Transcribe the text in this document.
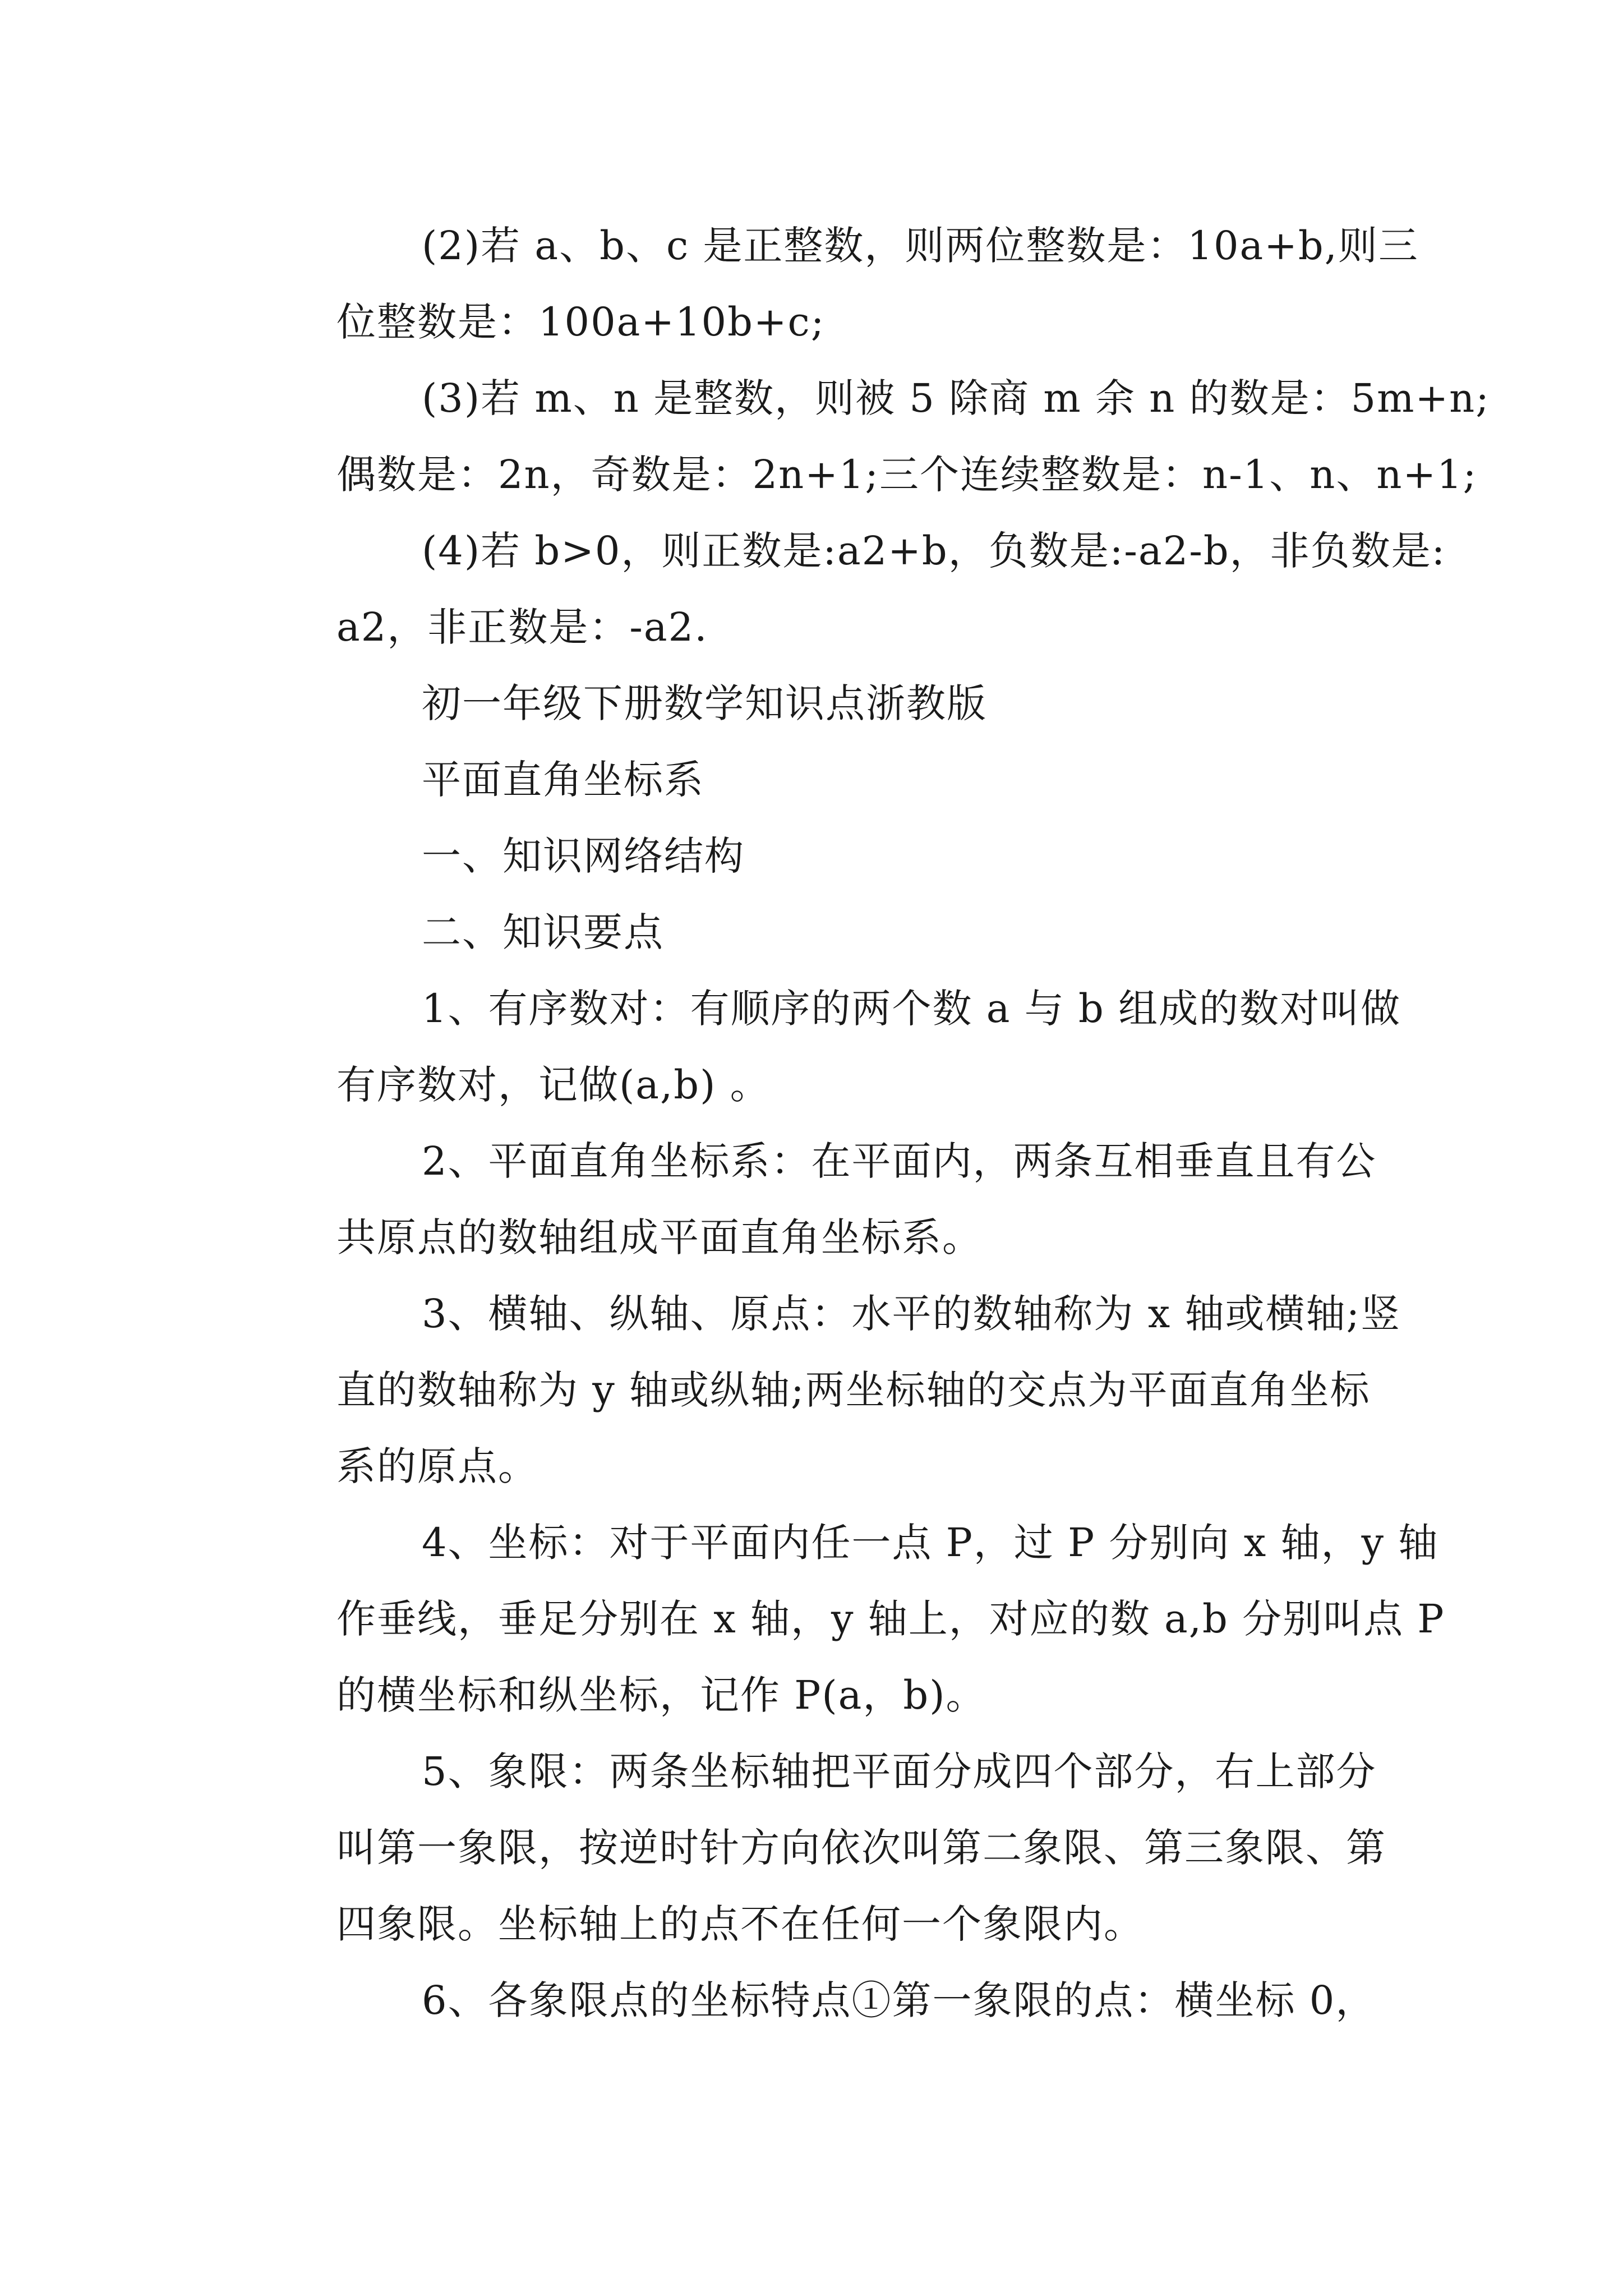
(2)若 a、b、c 是正整数，则两位整数是：10a+b,则三
位整数是：100a+10b+c;
(3)若 m、n 是整数，则被 5 除商 m 余 n 的数是：5m+n;
偶数是：2n，奇数是：2n+1;三个连续整数是：n-1、n、n+1;
(4)若 b>0，则正数是:a2+b，负数是:-a2-b，非负数是:
a2，非正数是：-a2.
初一年级下册数学知识点浙教版
平面直角坐标系
一、知识网络结构
二、知识要点
1、有序数对：有顺序的两个数 a 与 b 组成的数对叫做
有序数对，记做(a,b) 。
2、平面直角坐标系：在平面内，两条互相垂直且有公
共原点的数轴组成平面直角坐标系。
3、横轴、纵轴、原点：水平的数轴称为 x 轴或横轴;竖
直的数轴称为 y 轴或纵轴;两坐标轴的交点为平面直角坐标
系的原点。
4、坐标：对于平面内任一点 P，过 P 分别向 x 轴，y 轴
作垂线，垂足分别在 x 轴，y 轴上，对应的数 a,b 分别叫点 P
的横坐标和纵坐标，记作 P(a，b)。
5、象限：两条坐标轴把平面分成四个部分，右上部分
叫第一象限，按逆时针方向依次叫第二象限、第三象限、第
四象限。坐标轴上的点不在任何一个象限内。
6、各象限点的坐标特点①第一象限的点：横坐标 0，
